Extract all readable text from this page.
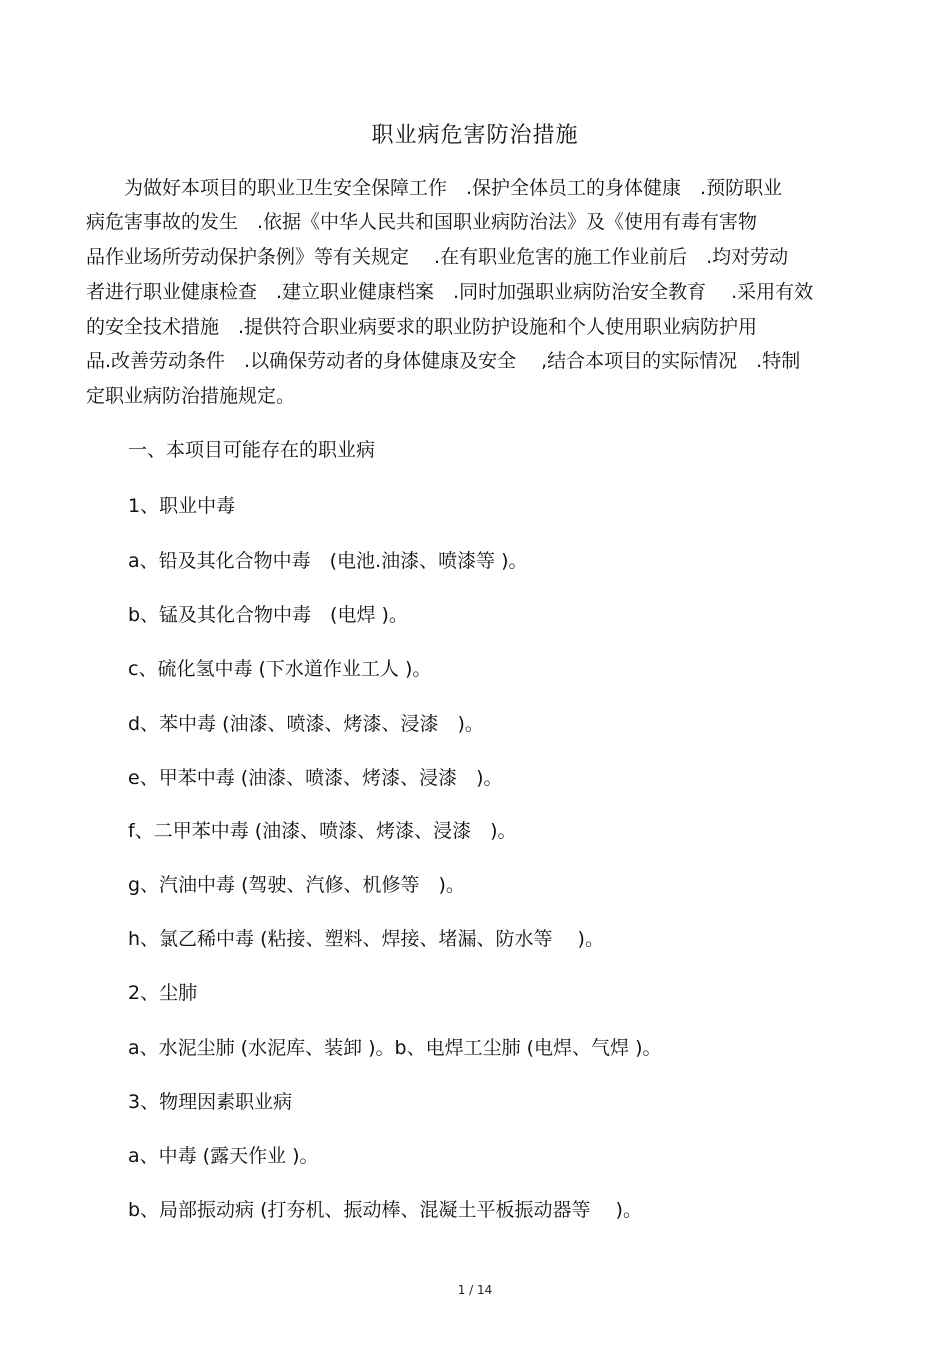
职业病危害防治措施
　　为做好本项目的职业卫生安全保障工作　.保护全体员工的身体健康　.预防职业
病危害事故的发生　.依据《中华人民共和国职业病防治法》及《使用有毒有害物
品作业场所劳动保护条例》等有关规定　 .在有职业危害的施工作业前后　.均对劳动
者进行职业健康检查　.建立职业健康档案　.同时加强职业病防治安全教育　 .采用有效
的安全技术措施　.提供符合职业病要求的职业防护设施和个人使用职业病防护用
品.改善劳动条件　.以确保劳动者的身体健康及安全　 ,结合本项目的实际情况　.特制
定职业病防治措施规定。
一、本项目可能存在的职业病
1、职业中毒
a、铅及其化合物中毒　(电池.油漆、喷漆等 )。
b、锰及其化合物中毒　(电焊 )。
c、硫化氢中毒 (下水道作业工人 )。
d、苯中毒 (油漆、喷漆、烤漆、浸漆　)。
e、甲苯中毒 (油漆、喷漆、烤漆、浸漆　)。
f、二甲苯中毒 (油漆、喷漆、烤漆、浸漆　)。
g、汽油中毒 (驾驶、汽修、机修等　)。
h、氯乙稀中毒 (粘接、塑料、焊接、堵漏、防水等　 )。
2、尘肺
a、水泥尘肺 (水泥库、装卸 )。b、电焊工尘肺 (电焊、气焊 )。
3、物理因素职业病
a、中毒 (露天作业 )。
b、局部振动病 (打夯机、振动棒、混凝土平板振动器等　 )。
1 / 14
